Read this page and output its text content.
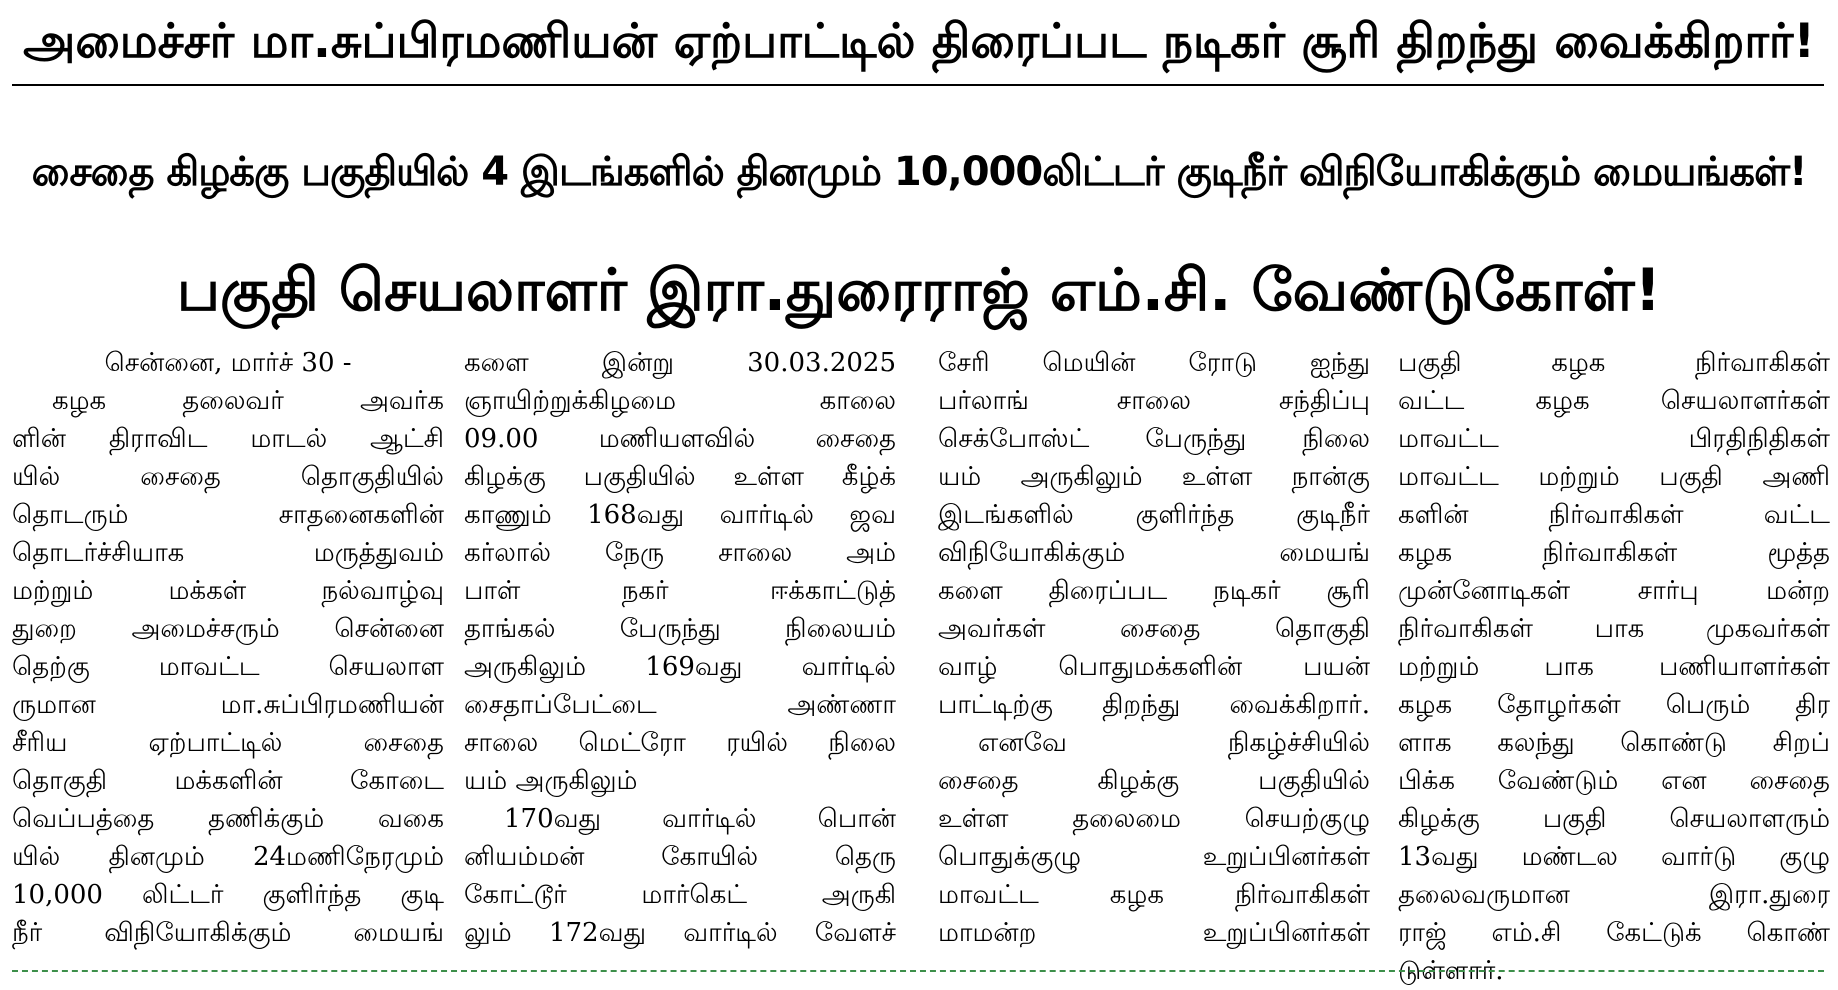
அமைச்சர் மா.சுப்பிரமணியன் ஏற்பாட்டில் திரைப்பட நடிகர் சூரி திறந்து வைக்கிறார்!
சைதை கிழக்கு பகுதியில் 4 இடங்களில் தினமும் 10,000லிட்டர் குடிநீர் விநியோகிக்கும் மையங்கள்!
பகுதி செயலாளர் இரா.துரைராஜ் எம்.சி. வேண்டுகோள்!
சென்னை, மார்ச் 30 -
கழக தலைவர் அவர்க
ளின் திராவிட மாடல் ஆட்சி
யில் சைதை தொகுதியில்
தொடரும் சாதனைகளின்
தொடர்ச்சியாக மருத்துவம்
மற்றும் மக்கள் நல்வாழ்வு
துறை அமைச்சரும் சென்னை
தெற்கு மாவட்ட செயலாள
ருமான மா.சுப்பிரமணியன்
சீரிய ஏற்பாட்டில் சைதை
தொகுதி மக்களின் கோடை
வெப்பத்தை தணிக்கும் வகை
யில் தினமும் 24மணிநேரமும்
10,000 லிட்டர் குளிர்ந்த குடி
நீர் விநியோகிக்கும் மையங்
களை இன்று 30.03.2025
ஞாயிற்றுக்கிழமை காலை
09.00 மணியளவில் சைதை
கிழக்கு பகுதியில் உள்ள கீழ்க்
காணும் 168வது வார்டில் ஜவ
கர்லால் நேரு சாலை அம்
பாள் நகர் ஈக்காட்டுத்
தாங்கல் பேருந்து நிலையம்
அருகிலும் 169வது வார்டில்
சைதாப்பேட்டை அண்ணா
சாலை மெட்ரோ ரயில் நிலை
யம் அருகிலும்
170வது வார்டில் பொன்
னியம்மன் கோயில் தெரு
கோட்டூர் மார்கெட் அருகி
லும் 172வது வார்டில் வேளச்
சேரி மெயின் ரோடு ஐந்து
பர்லாங் சாலை சந்திப்பு
செக்போஸ்ட் பேருந்து நிலை
யம் அருகிலும் உள்ள நான்கு
இடங்களில் குளிர்ந்த குடிநீர்
விநியோகிக்கும் மையங்
களை திரைப்பட நடிகர் சூரி
அவர்கள் சைதை தொகுதி
வாழ் பொதுமக்களின் பயன்
பாட்டிற்கு திறந்து வைக்கிறார்.
எனவே நிகழ்ச்சியில்
சைதை கிழக்கு பகுதியில்
உள்ள தலைமை செயற்குழு
பொதுக்குழு உறுப்பினர்கள்
மாவட்ட கழக நிர்வாகிகள்
மாமன்ற உறுப்பினர்கள்
பகுதி கழக நிர்வாகிகள்
வட்ட கழக செயலாளர்கள்
மாவட்ட பிரதிநிதிகள்
மாவட்ட மற்றும் பகுதி அணி
களின் நிர்வாகிகள் வட்ட
கழக நிர்வாகிகள் மூத்த
முன்னோடிகள் சார்பு மன்ற
நிர்வாகிகள் பாக முகவர்கள்
மற்றும் பாக பணியாளர்கள்
கழக தோழர்கள் பெரும் திர
ளாக கலந்து கொண்டு சிறப்
பிக்க வேண்டும் என சைதை
கிழக்கு பகுதி செயலாளரும்
13வது மண்டல வார்டு குழு
தலைவருமான இரா.துரை
ராஜ் எம்.சி கேட்டுக் கொண்
டுள்ளார்.
